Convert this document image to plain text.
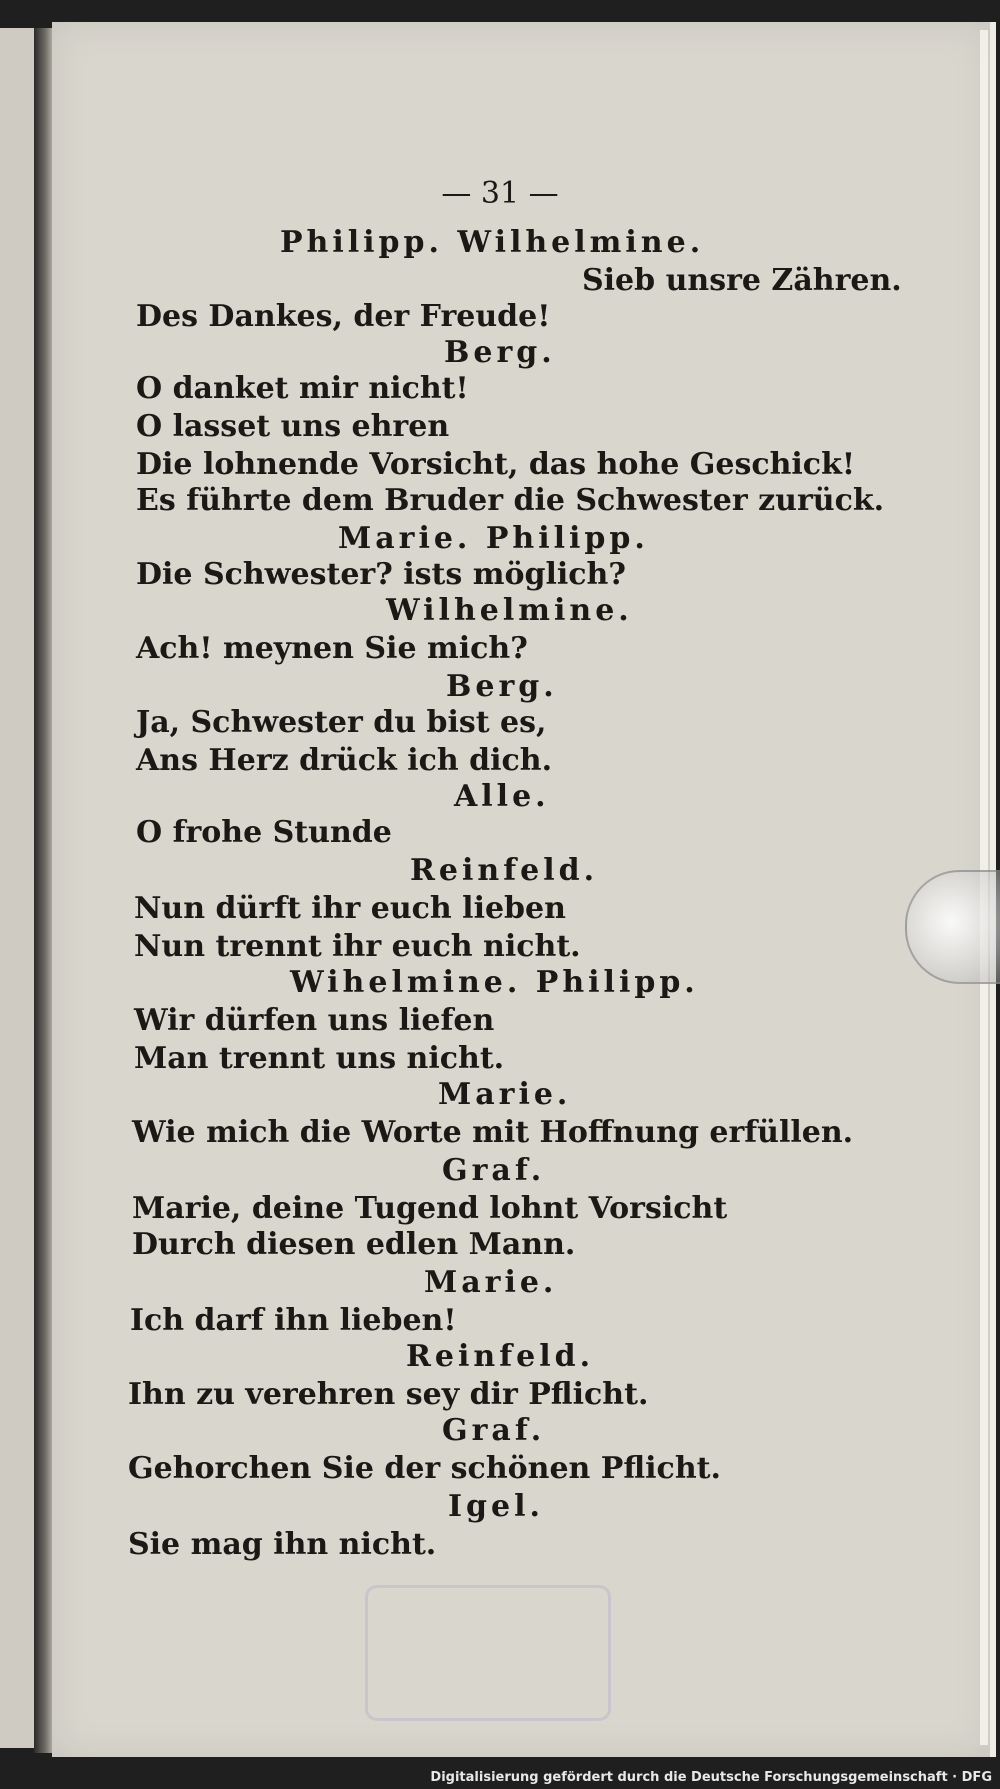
— 31 —
Philipp. Wilhelmine.
Sieb unsre Zähren.
Des Dankes, der Freude!
Berg.
O danket mir nicht!
O lasset uns ehren
Die lohnende Vorsicht, das hohe Geschick!
Es führte dem Bruder die Schwester zurück.
Marie. Philipp.
Die Schwester? ists möglich?
Wilhelmine.
Ach! meynen Sie mich?
Berg.
Ja, Schwester du bist es,
Ans Herz drück ich dich.
Alle.
O frohe Stunde
Reinfeld.
Nun dürft ihr euch lieben
Nun trennt ihr euch nicht.
Wihelmine. Philipp.
Wir dürfen uns liefen
Man trennt uns nicht.
Marie.
Wie mich die Worte mit Hoffnung erfüllen.
Graf.
Marie, deine Tugend lohnt Vorsicht
Durch diesen edlen Mann.
Marie.
Ich darf ihn lieben!
Reinfeld.
Ihn zu verehren sey dir Pflicht.
Graf.
Gehorchen Sie der schönen Pflicht.
Igel.
Sie mag ihn nicht.
Digitalisierung gefördert durch die Deutsche Forschungsgemeinschaft · DFG
